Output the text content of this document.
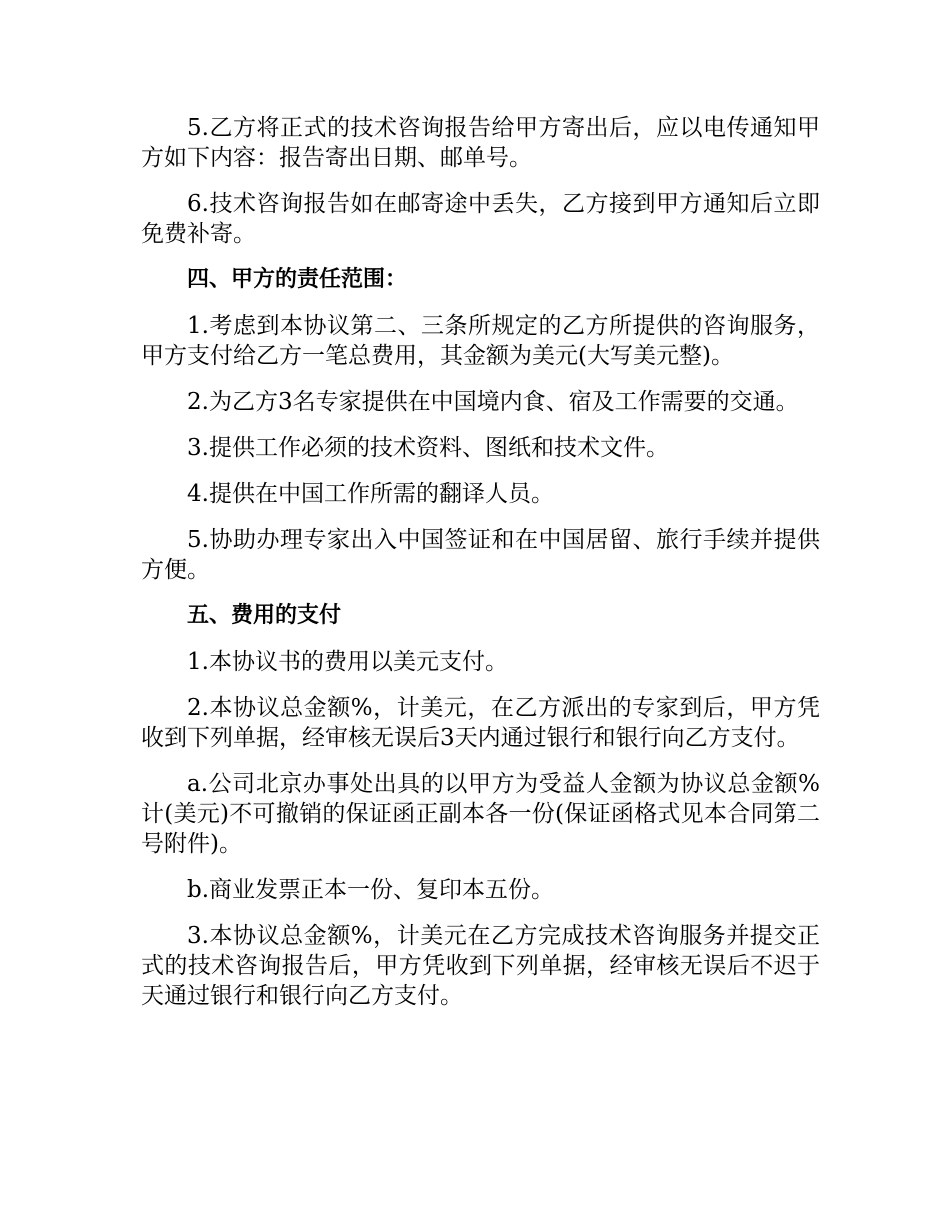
5.乙方将正式的技术咨询报告给甲方寄出后，应以电传通知甲方如下内容：报告寄出日期、邮单号。

6.技术咨询报告如在邮寄途中丢失，乙方接到甲方通知后立即免费补寄。

四、甲方的责任范围：

1.考虑到本协议第二、三条所规定的乙方所提供的咨询服务，甲方支付给乙方一笔总费用，其金额为美元(大写美元整)。

2.为乙方3名专家提供在中国境内食、宿及工作需要的交通。

3.提供工作必须的技术资料、图纸和技术文件。

4.提供在中国工作所需的翻译人员。

5.协助办理专家出入中国签证和在中国居留、旅行手续并提供方便。

五、费用的支付

1.本协议书的费用以美元支付。

2.本协议总金额%，计美元，在乙方派出的专家到后，甲方凭收到下列单据，经审核无误后3天内通过银行和银行向乙方支付。

a.公司北京办事处出具的以甲方为受益人金额为协议总金额%计(美元)不可撤销的保证函正副本各一份(保证函格式见本合同第二号附件)。

b.商业发票正本一份、复印本五份。

3.本协议总金额%，计美元在乙方完成技术咨询服务并提交正式的技术咨询报告后，甲方凭收到下列单据，经审核无误后不迟于天通过银行和银行向乙方支付。
